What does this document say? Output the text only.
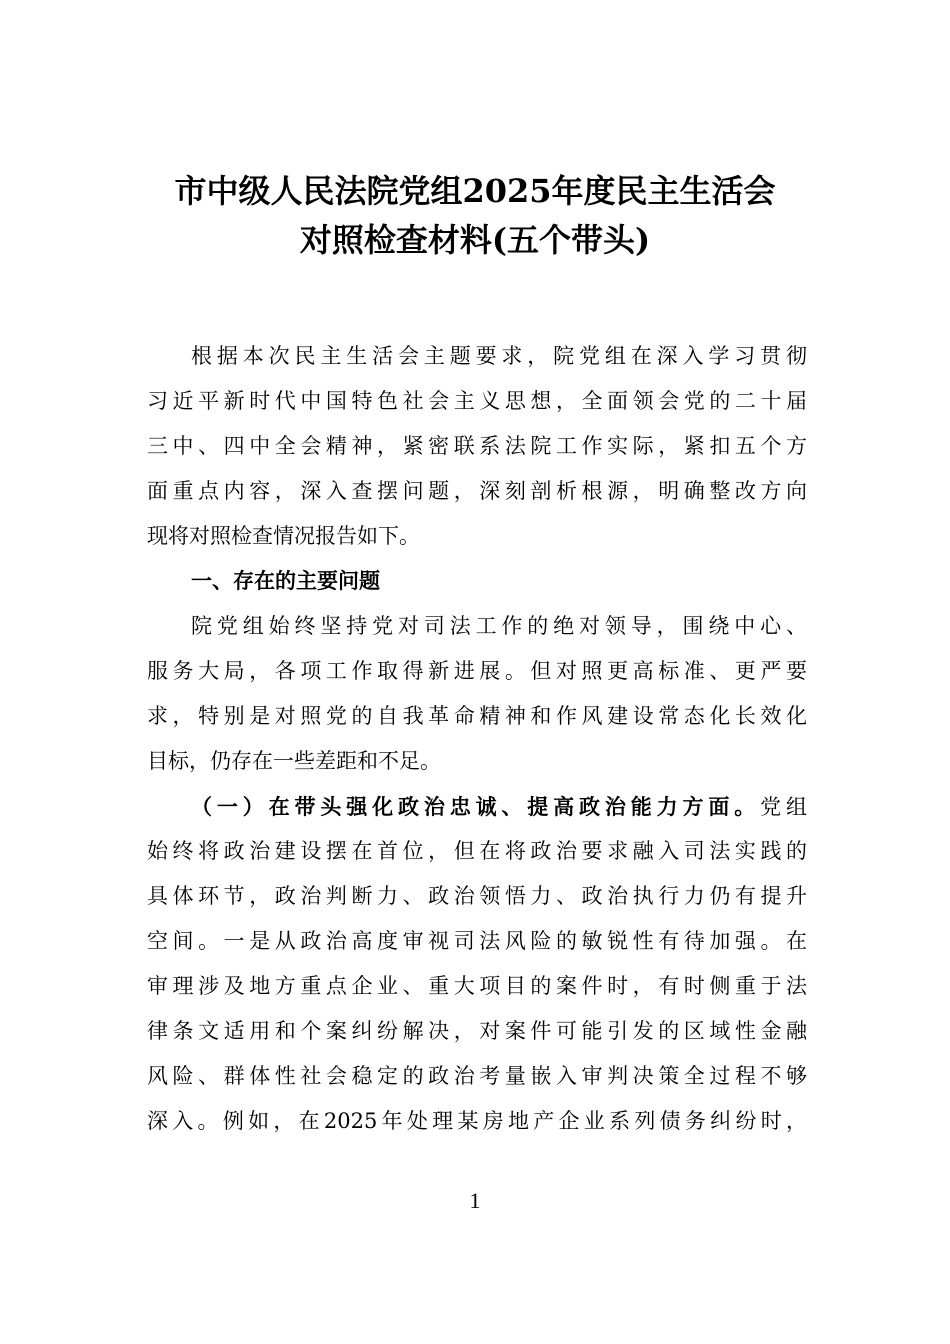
市中级人民法院党组2025年度民主生活会
对照检查材料(五个带头)
根据本次民主生活会主题要求，院党组在深入学习贯彻
习近平新时代中国特色社会主义思想，全面领会党的二十届
三中、四中全会精神，紧密联系法院工作实际，紧扣五个方
面重点内容，深入查摆问题，深刻剖析根源，明确整改方向
现将对照检查情况报告如下。
一、存在的主要问题
院党组始终坚持党对司法工作的绝对领导，围绕中心、
服务大局，各项工作取得新进展。但对照更高标准、更严要
求，特别是对照党的自我革命精神和作风建设常态化长效化
目标，仍存在一些差距和不足。
（一）在带头强化政治忠诚、提高政治能力方面。党组
始终将政治建设摆在首位，但在将政治要求融入司法实践的
具体环节，政治判断力、政治领悟力、政治执行力仍有提升
空间。一是从政治高度审视司法风险的敏锐性有待加强。在
审理涉及地方重点企业、重大项目的案件时，有时侧重于法
律条文适用和个案纠纷解决，对案件可能引发的区域性金融
风险、群体性社会稳定的政治考量嵌入审判决策全过程不够
深入。例如，在2025年处理某房地产企业系列债务纠纷时，
1
